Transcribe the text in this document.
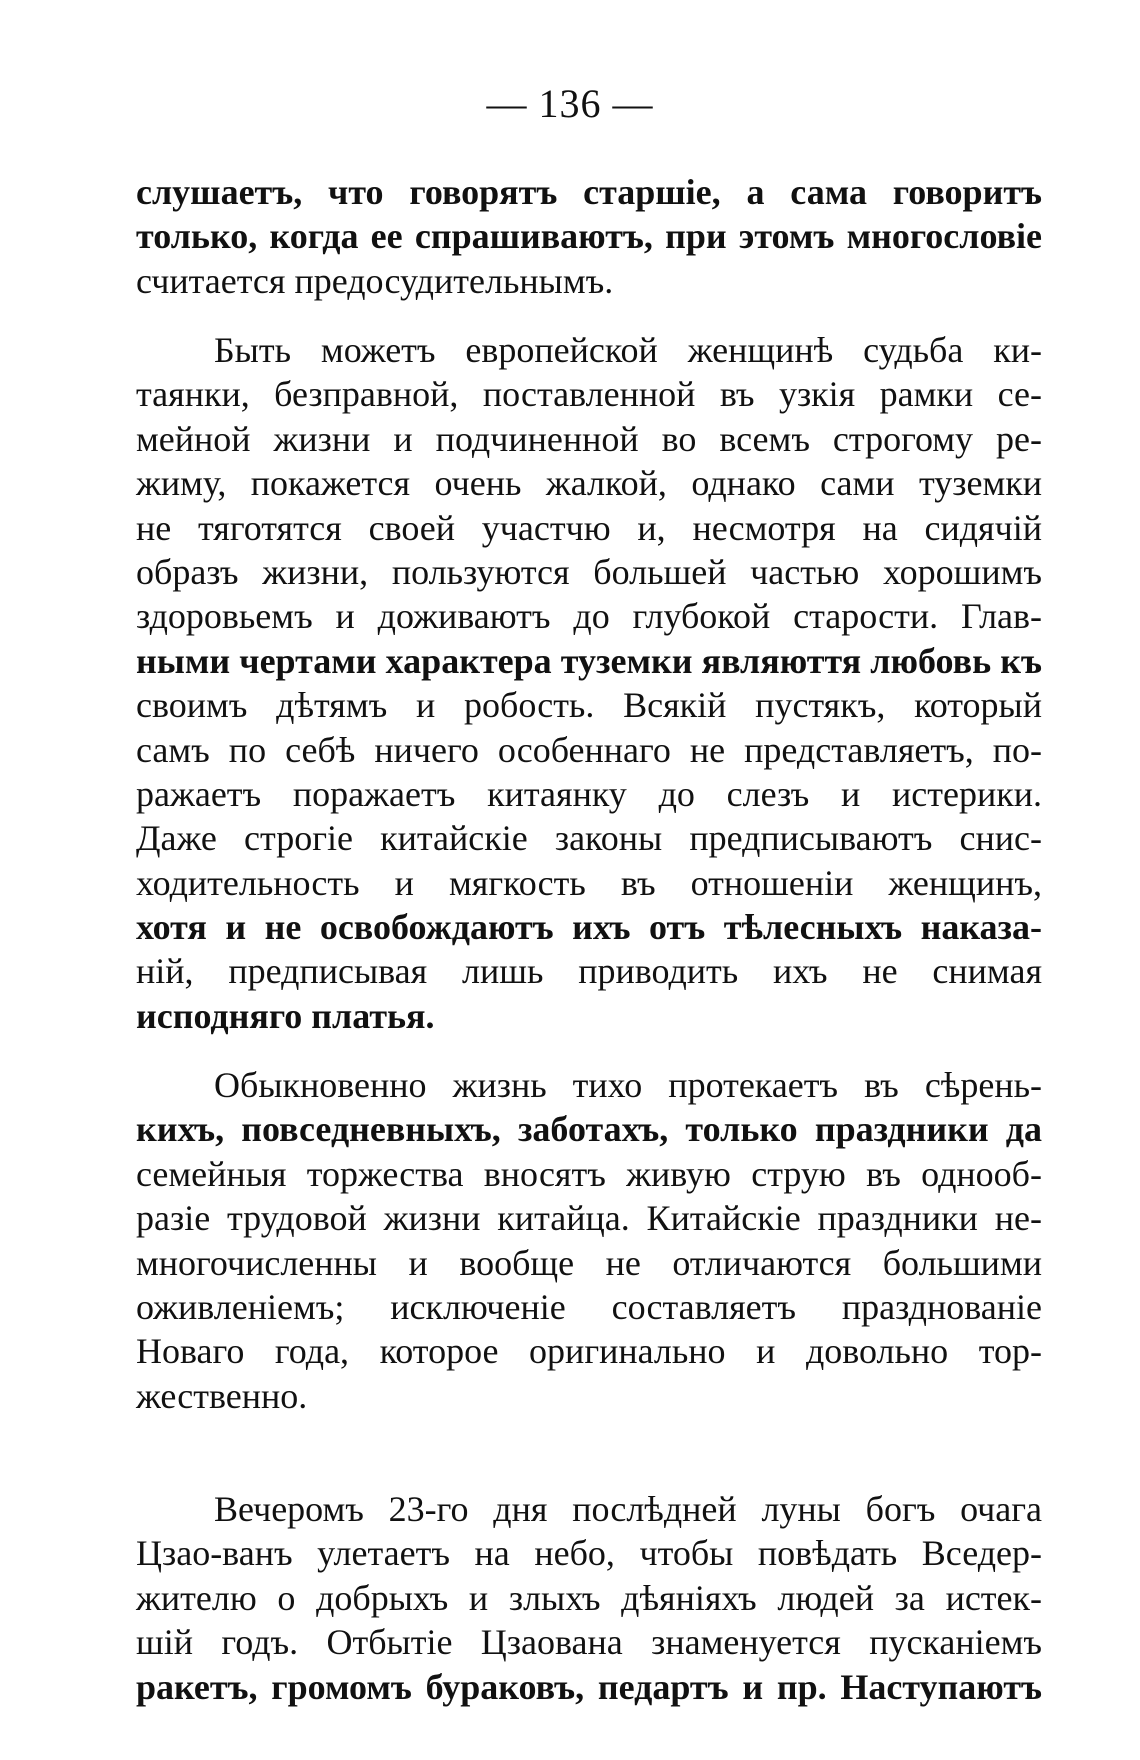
— 136 —
слушаетъ, что говорятъ старшіе, а сама говоритъ
только, когда ее спрашиваютъ, при этомъ многословіе
считается предосудительнымъ.
Быть можетъ европейской женщинѣ судьба ки-
таянки, безправной, поставленной въ узкія рамки се-
мейной жизни и подчиненной во всемъ строгому ре-
жиму, покажется очень жалкой, однако сами туземки
не тяготятся своей участчю и, несмотря на сидячій
образъ жизни, пользуются большей частью хорошимъ
здоровьемъ и доживаютъ до глубокой старости. Глав-
ными чертами характера туземки являюття любовь къ
своимъ дѣтямъ и робость. Всякій пустякъ, который
самъ по себѣ ничего особеннаго не представляетъ, по-
ражаетъ поражаетъ китаянку до слезъ и истерики.
Даже строгіе китайскіе законы предписываютъ снис-
ходительность и мягкость въ отношеніи женщинъ,
хотя и не освобождаютъ ихъ отъ тѣлесныхъ наказа-
ній, предписывая лишь приводить ихъ не снимая
исподняго платья.
Обыкновенно жизнь тихо протекаетъ въ сѣрень-
кихъ, повседневныхъ, заботахъ, только праздники да
семейныя торжества вносятъ живую струю въ однооб-
разіе трудовой жизни китайца. Китайскіе праздники не-
многочисленны и вообще не отличаются большими
оживленіемъ; исключеніе составляетъ празднованіе
Новаго года, которое оригинально и довольно тор-
жественно.
Вечеромъ 23-го дня послѣдней луны богъ очага
Цзао-ванъ улетаетъ на небо, чтобы повѣдать Вседер-
жителю о добрыхъ и злыхъ дѣяніяхъ людей за истек-
шій годъ. Отбытіе Цзаована знаменуется пусканіемъ
ракетъ, громомъ бураковъ, педартъ и пр. Наступаютъ
